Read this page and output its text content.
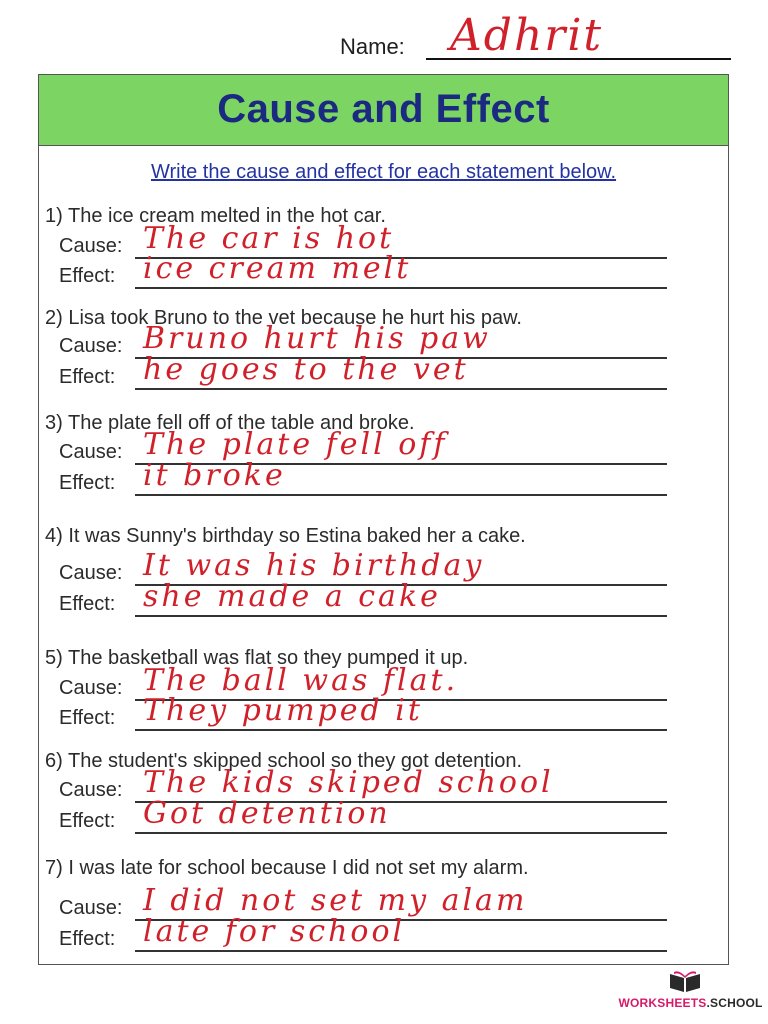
Name: Adhrit
Cause and Effect
Write the cause and effect for each statement below.
1) The ice cream melted in the hot car.
Cause: The car is hot
Effect: ice cream melt
2) Lisa took Bruno to the vet because he hurt his paw.
Cause: Bruno hurt his paw
Effect: he goes to the vet
3) The plate fell off of the table and broke.
Cause: The plate fell off
Effect: it broke
4) It was Sunny's birthday so Estina baked her a cake.
Cause: It was his birthday
Effect: she made a cake
5) The basketball was flat so they pumped it up.
Cause: The ball was flat.
Effect: They pumped it
6) The student's skipped school so they got detention.
Cause: The kids skiped school
Effect: Got detention
7) I was late for school because I did not set my alarm.
Cause: I did not set my alam
Effect: late for school
WORKSHEETS.SCHOOL
